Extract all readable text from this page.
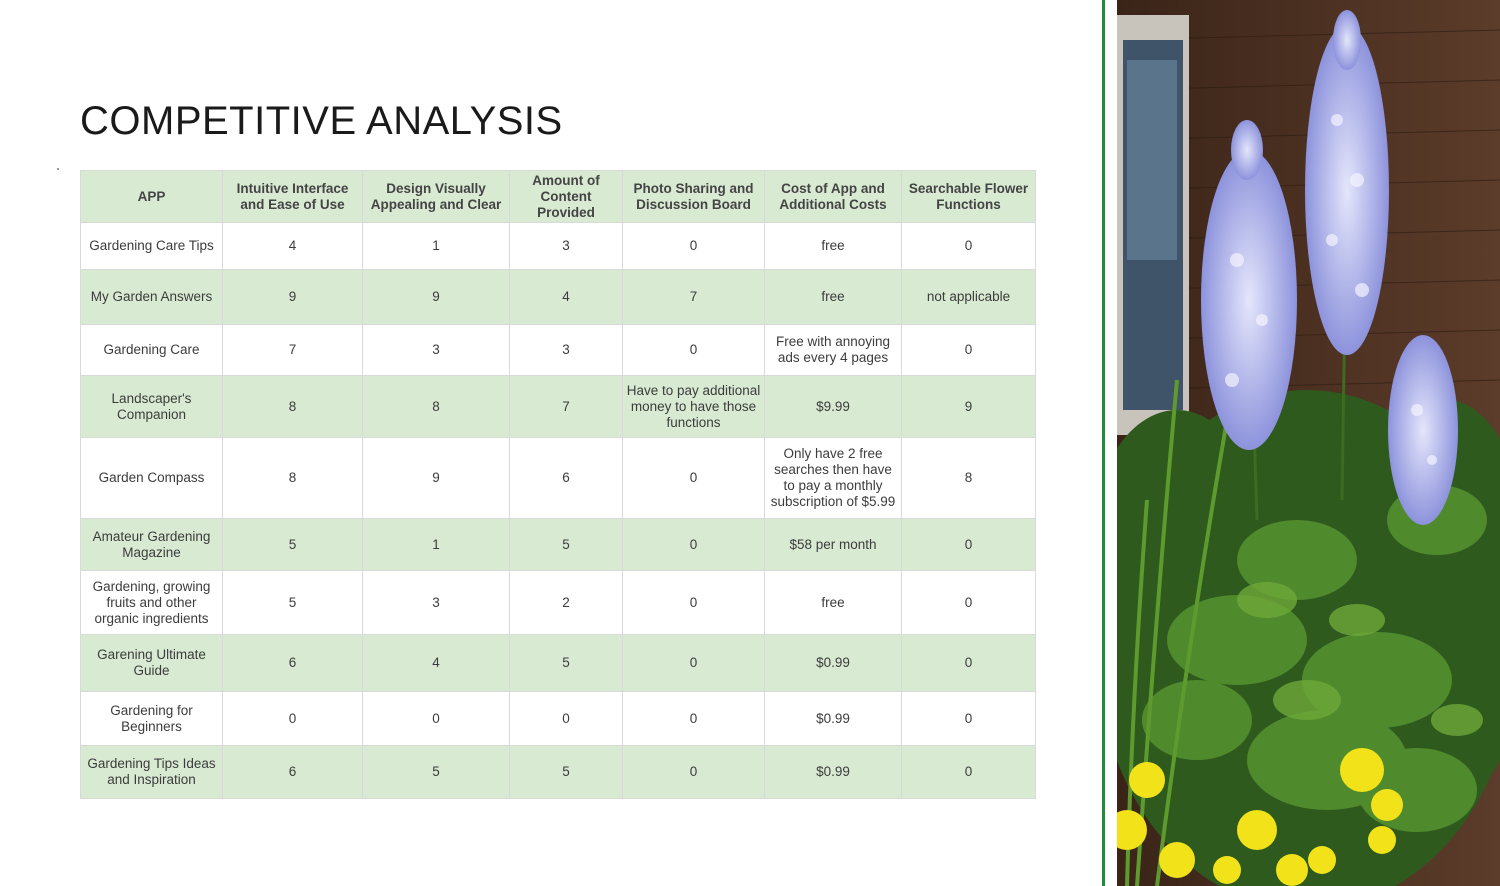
COMPETITIVE ANALYSIS
APP	Intuitive Interface and Ease of Use	Design Visually Appealing and Clear	Amount of Content Provided	Photo Sharing and Discussion Board	Cost of App and Additional Costs	Searchable Flower Functions
Gardening Care Tips	4	1	3	0	free	0
My Garden Answers	9	9	4	7	free	not applicable
Gardening Care	7	3	3	0	Free with annoying ads every 4 pages	0
Landscaper's Companion	8	8	7	Have to pay additional money to have those functions	$9.99	9
Garden Compass	8	9	6	0	Only have 2 free searches then have to pay a monthly subscription of $5.99	8
Amateur Gardening Magazine	5	1	5	0	$58 per month	0
Gardening, growing fruits and other organic ingredients	5	3	2	0	free	0
Garening Ultimate Guide	6	4	5	0	$0.99	0
Gardening for Beginners	0	0	0	0	$0.99	0
Gardening Tips Ideas and Inspiration	6	5	5	0	$0.99	0
